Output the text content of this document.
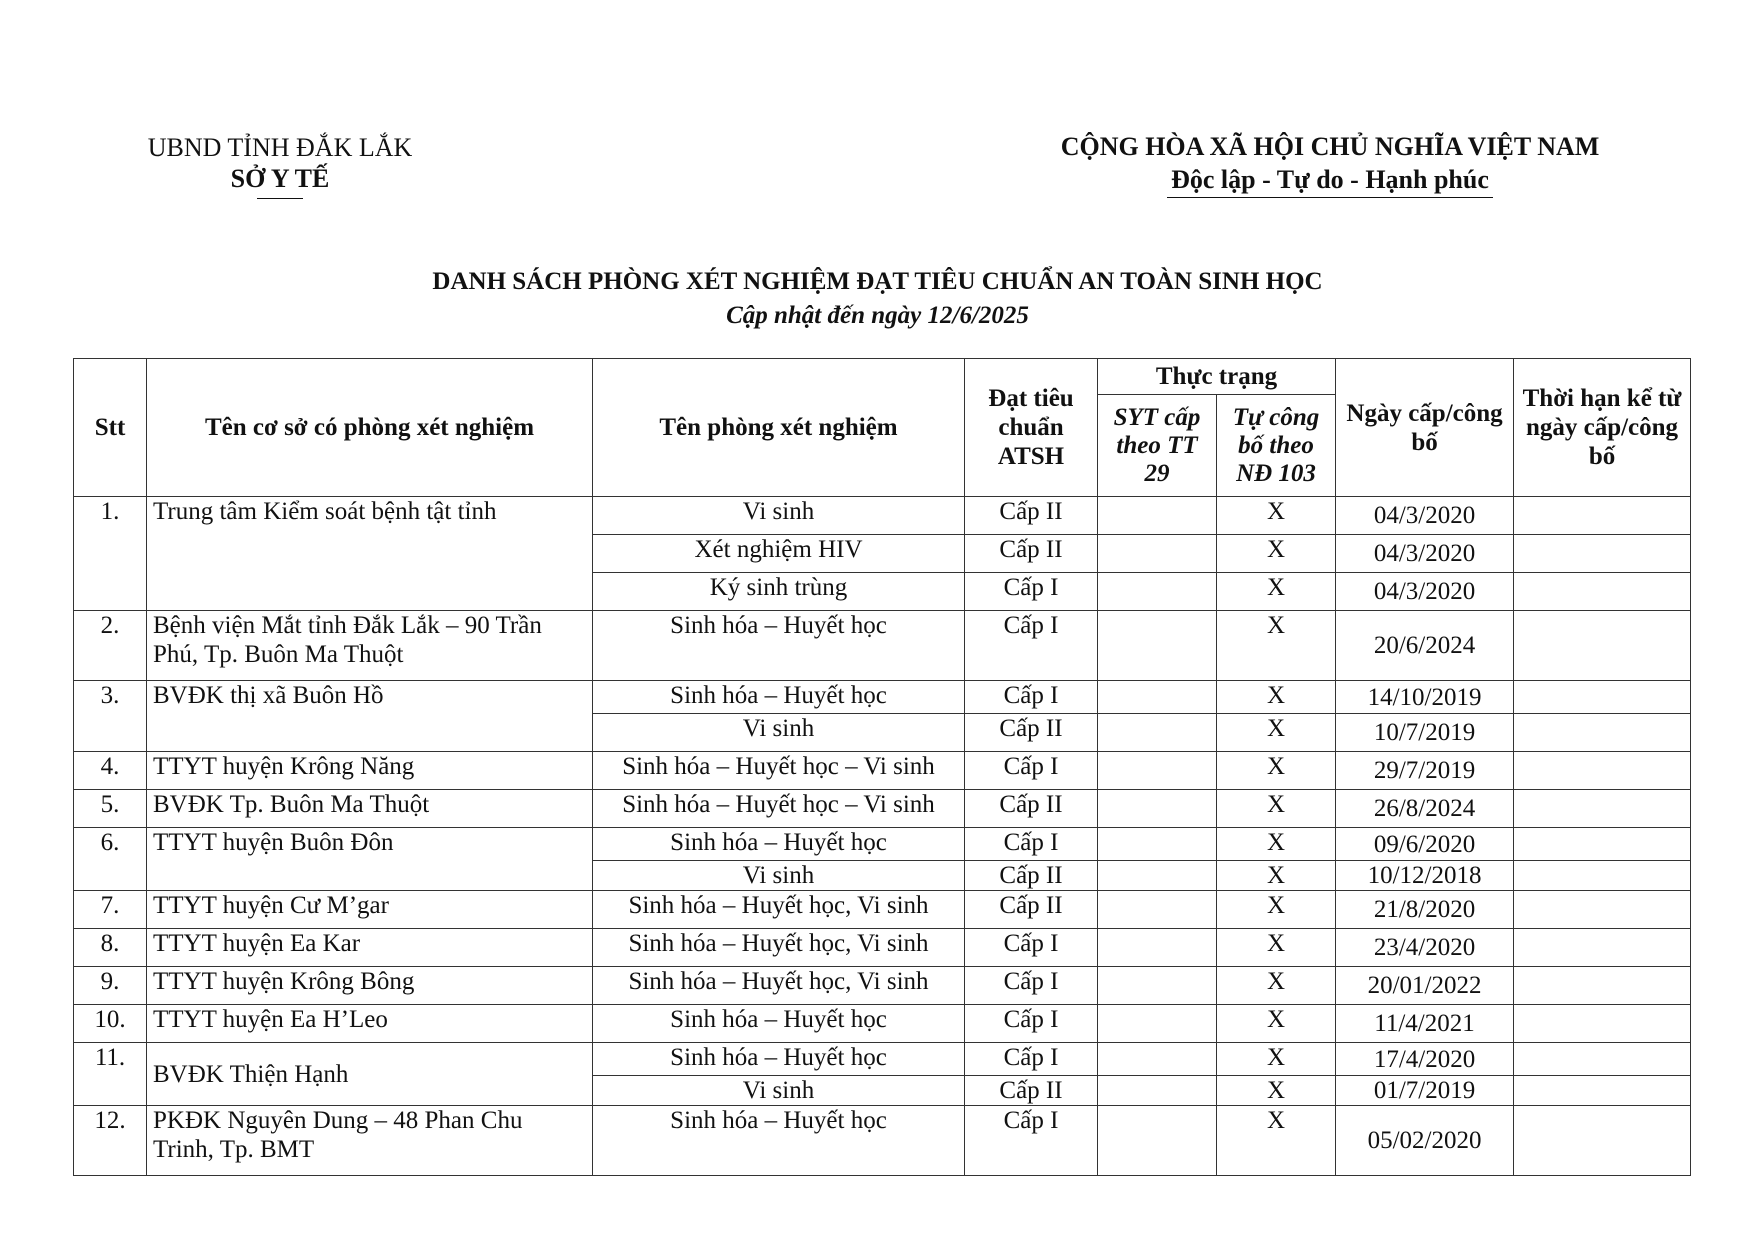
UBND TỈNH ĐẮK LẮK
SỞ Y TẾ
CỘNG HÒA XÃ HỘI CHỦ NGHĨA VIỆT NAM
Độc lập - Tự do - Hạnh phúc
DANH SÁCH PHÒNG XÉT NGHIỆM ĐẠT TIÊU CHUẨN AN TOÀN SINH HỌC
Cập nhật đến ngày 12/6/2025
Stt	Tên cơ sở có phòng xét nghiệm	Tên phòng xét nghiệm	Đạt tiêu chuẩn ATSH	Thực trạng		Ngày cấp/công bố	Thời hạn kể từ ngày cấp/công bố
				SYT cấp theo TT 29	Tự công bố theo NĐ 103		
1.	Trung tâm Kiểm soát bệnh tật tỉnh	Vi sinh	Cấp II		X	04/3/2020	
		Xét nghiệm HIV	Cấp II		X	04/3/2020	
		Ký sinh trùng	Cấp I		X	04/3/2020	
2.	Bệnh viện Mắt tỉnh Đắk Lắk – 90 Trần Phú, Tp. Buôn Ma Thuột	Sinh hóa – Huyết học	Cấp I		X	20/6/2024	
3.	BVĐK thị xã Buôn Hồ	Sinh hóa – Huyết học	Cấp I		X	14/10/2019	
		Vi sinh	Cấp II		X	10/7/2019	
4.	TTYT huyện Krông Năng	Sinh hóa – Huyết học – Vi sinh	Cấp I		X	29/7/2019	
5.	BVĐK Tp. Buôn Ma Thuột	Sinh hóa – Huyết học – Vi sinh	Cấp II		X	26/8/2024	
6.	TTYT huyện Buôn Đôn	Sinh hóa – Huyết học	Cấp I		X	09/6/2020	
		Vi sinh	Cấp II		X	10/12/2018	
7.	TTYT huyện Cư M’gar	Sinh hóa – Huyết học, Vi sinh	Cấp II		X	21/8/2020	
8.	TTYT huyện Ea Kar	Sinh hóa – Huyết học, Vi sinh	Cấp I		X	23/4/2020	
9.	TTYT huyện Krông Bông	Sinh hóa – Huyết học, Vi sinh	Cấp I		X	20/01/2022	
10.	TTYT huyện Ea H’Leo	Sinh hóa – Huyết học	Cấp I		X	11/4/2021	
11.	BVĐK Thiện Hạnh	Sinh hóa – Huyết học	Cấp I		X	17/4/2020	
		Vi sinh	Cấp II		X	01/7/2019	
12.	PKĐK Nguyên Dung – 48 Phan Chu Trinh, Tp. BMT	Sinh hóa – Huyết học	Cấp I		X	05/02/2020	
